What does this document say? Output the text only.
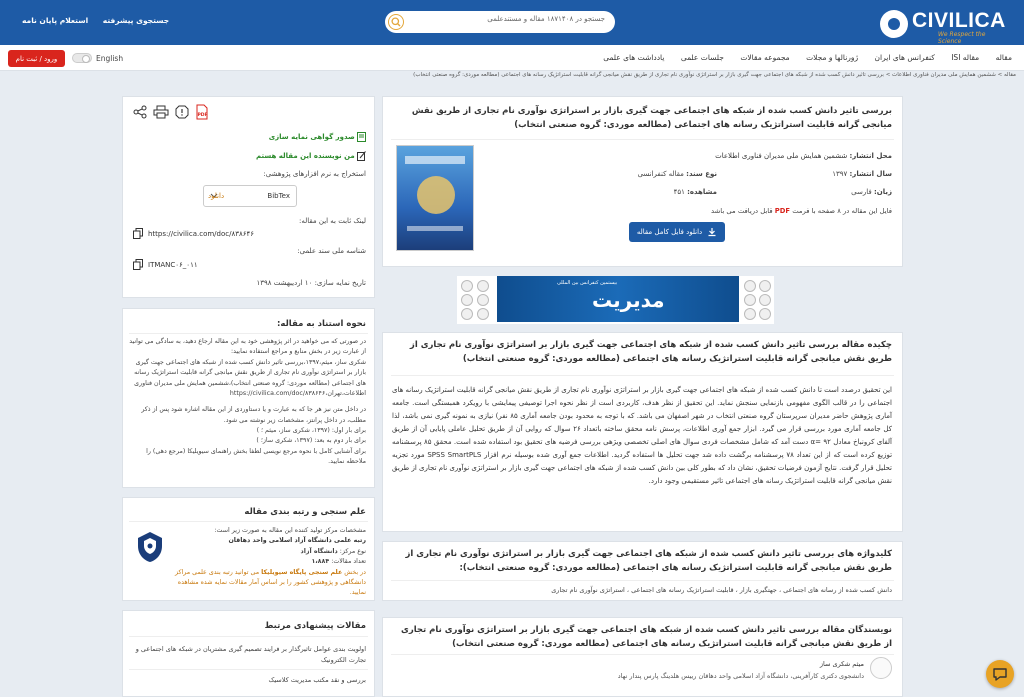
CIVILICA
We Respect the Science
جستجو در ۱۸۷۱۴۰۸ مقاله و مستندعلمی
جستجوی پیشرفته استعلام پایان نامه
مقاله مقاله ISI کنفرانس های ایران ژورنالها و مجلات مجموعه مقالات جلسات علمی یادداشت های علمی
English
ورود / ثبت نام
مقاله > ششمین همایش ملی مدیران فناوری اطلاعات > بررسی تاثیر دانش کسب شده از شبکه های اجتماعی جهت گیری بازار بر استراتژی نوآوری نام تجاری از طریق نقش میانجی گرانه قابلیت استراتژیک رسانه های اجتماعی (مطالعه موردی: گروه صنعتی انتخاب)
بررسی تاثیر دانش کسب شده از شبکه های اجتماعی جهت گیری بازار بر استراتژی نوآوری نام تجاری از طریق نقش میانجی گرانه قابلیت استراتژیک رسانه های اجتماعی (مطالعه موردی: گروه صنعتی انتخاب)
محل انتشار: ششمین همایش ملی مدیران فناوری اطلاعات
سال انتشار: ۱۳۹۷
نوع سند: مقاله کنفرانسی
زبان: فارسی
مشاهده: ۴۵۱
فایل این مقاله در ۸ صفحه با فرمت PDF قابل دریافت می باشد
دانلود فایل کامل مقاله
بیستمین کنفرانس بین المللی
مدیریت
چکیده مقاله بررسی تاثیر دانش کسب شده از شبکه های اجتماعی جهت گیری بازار بر استراتژی نوآوری نام تجاری از طریق نقش میانجی گرانه قابلیت استراتژیک رسانه های اجتماعی (مطالعه موردی: گروه صنعتی انتخاب)
این تحقیق درصدد است تا دانش کسب شده از شبکه های اجتماعی جهت گیری بازار بر استراتژی نوآوری نام تجاری از طریق نقش میانجی گرانه قابلیت استراتژیک رسانه های اجتماعی را در قالب الگوی مفهومی بازنمایی سنجش نماید. این تحقیق از نظر هدف، کاربردی است از نظر نحوه اجرا توصیفی پیمایشی با رویکرد همبستگی است. جامعه آماری پژوهش حاضر مدیران سرپرستان گروه صنعتی انتخاب در شهر اصفهان می باشد. که با توجه به محدود بودن جامعه آماری ۸۵ نفر) نیازی به نمونه گیری نمی باشد، لذا کل جامعه آماری مورد بررسی قرار می گیرد. ابزار جمع آوری اطلاعات، پرسش نامه محقق ساخته باتعداد ۲۶ سوال که روایی آن از طریق تحلیل عاملی پایایی آن از طریق آلفای کرونباخ معادل ۹۲ =α دست آمد که شامل مشخصات فردی سوال های اصلی تخصصی ویژهی بررسی فرضیه های تحقیق بود استفاده شده است. محقق ۸۵ پرسشنامه توزیع کرده است که از این تعداد ۷۸ پرسشنامه برگشت داده شد جهت تحلیل ها استفاده گردید. اطلاعات جمع آوری شده بوسیله نرم افزار SPSS SmartPLS مورد تجزیه تحلیل قرار گرفت. نتایج آزمون فرضیات تحقیق، نشان داد که بطور کلی بین دانش کسب شده از شبکه های اجتماعی جهت گیری بازار بر استراتژی نوآوری نام تجاری از طریق نقش میانجی گرانه قابلیت استراتژیک رسانه های اجتماعی تاثیر مستقیمی وجود دارد.
کلیدواژه های بررسی تاثیر دانش کسب شده از شبکه های اجتماعی جهت گیری بازار بر استراتژی نوآوری نام تجاری از طریق نقش میانجی گرانه قابلیت استراتژیک رسانه های اجتماعی (مطالعه موردی: گروه صنعتی انتخاب):
دانش کسب شده از رسانه های اجتماعی ، جهتگیری بازار ، قابلیت استراتژیک رسانه های اجتماعی ، استراتژی نوآوری نام تجاری
نویسندگان مقاله بررسی تاثیر دانش کسب شده از شبکه های اجتماعی جهت گیری بازار بر استراتژی نوآوری نام تجاری از طریق نقش میانجی گرانه قابلیت استراتژیک رسانه های اجتماعی (مطالعه موردی: گروه صنعتی انتخاب)
میثم شکری ساز
دانشجوی دکتری کارآفرینی، دانشگاه آزاد اسلامی واحد دهاقان رییس هلدینگ پارس پندار نهاد
PDF
صدور گواهی نمایه سازی
من نویسنده این مقاله هستم
استخراج به نرم افزارهای پژوهشی:
BibTex
دانلود
لینک ثابت به این مقاله:
https://civilica.com/doc/۸۳۸۶۴۶
شناسه ملی سند علمی:
ITMANC۰۶_۰۱۱
تاریخ نمایه سازی: ۱۰ اردیبهشت ۱۳۹۸
نحوه استناد به مقاله:
در صورتی که می خواهید در اثر پژوهشی خود به این مقاله ارجاع دهید، به سادگی می توانید از عبارت زیر در بخش منابع و مراجع استفاده نمایید:
شکری ساز، میثم،۱۳۹۷،بررسی تاثیر دانش کسب شده از شبکه های اجتماعی جهت گیری بازار بر استراتژی نوآوری نام تجاری از طریق نقش میانجی گرانه قابلیت استراتژیک رسانه های اجتماعی (مطالعه موردی: گروه صنعتی انتخاب)،ششمین همایش ملی مدیران فناوری اطلاعات،تهران،https://civilica.com/doc/۸۳۸۶۴۶
در داخل متن نیز هر جا که به عبارت و یا دستاوردی از این مقاله اشاره شود پس از ذکر مطلب، در داخل پرانتز، مشخصات زیر نوشته می شود.
برای بار اول: (۱۳۹۷، شکری ساز، میثم ؛ )
برای بار دوم به بعد: (۱۳۹۷، شکری ساز؛ )
برای آشنایی کامل با نحوه مرجع نویسی لطفا بخش راهنمای سیویلیکا (مرجع دهی) را ملاحظه نمایید.
علم سنجی و رتبه بندی مقاله
مشخصات مرکز تولید کننده این مقاله به صورت زیر است:
رتبه علمی دانشگاه آزاد اسلامی واحد دهاقان
نوع مرکز: دانشگاه آزاد
تعداد مقالات: ۱،۸۸۴
در بخش علم سنجی پایگاه سیویلیکا می توانید رتبه بندی علمی مراکز دانشگاهی و پژوهشی کشور را بر اساس آمار مقالات نمایه شده مشاهده نمایید.
مقالات پیشنهادی مرتبط
اولویت بندی عوامل تاثیرگذار بر فرایند تصمیم گیری مشتریان در شبکه های اجتماعی و تجارت الکترونیک
بررسی و نقد مکتب مدیریت کلاسیک
